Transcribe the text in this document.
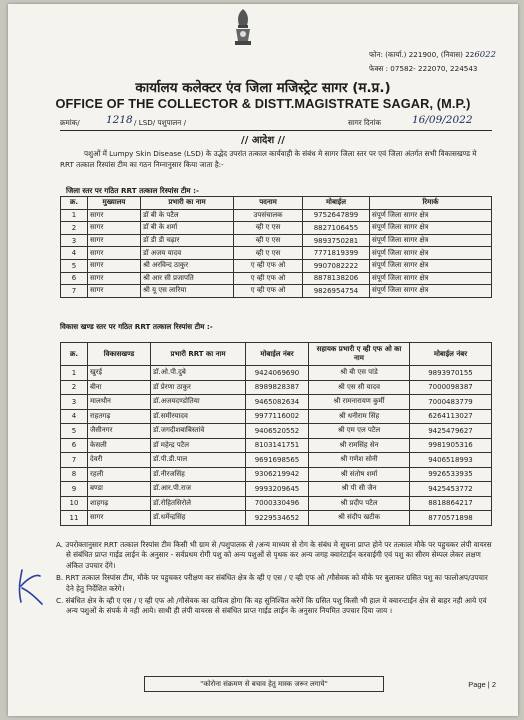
फोन: (कार्या.) 221900, (निवास) 226022
फेक्स : 07582- 222070, 224543
कार्यालय कलेक्टर एंव जिला मजिस्ट्रेट सागर (म.प्र.)
OFFICE OF THE COLLECTOR & DISTT.MAGISTRATE SAGAR, (M.P.)
क्रमांक/	1218 / LSD/ पशुपालन /	सागर दिनांक	16/09/2022
// आदेश //
पशुओं में Lumpy Skin Disease (LSD) के उद्भेद उपरांत तत्काल कार्यवाही के संबंध मे सागर जिला स्तर पर एवं जिला अंतर्गत सभी विकासखण्ड मे RRT तत्काल रिस्पांस टीम का गठन निम्नानुसार किया जाता है:-
जिला स्तर पर गठित RRT तत्काल रिस्पांस टीम :-
क्र.	मुख्यालय	प्रभारी का नाम	पदनाम	मोबाईल	रिमार्क
1	सागर	डॉ बी के पटैल	उपसंचालक	9752647899	संपूर्ण जिला सागर क्षेत्र
2	सागर	डॉ बी के शर्मा	व्ही ए एस	8827106455	संपूर्ण जिला सागर क्षेत्र
3	सागर	डॉ डी डी चढ़ार	व्ही ए एस	9893750281	संपूर्ण जिला सागर क्षेत्र
4	सागर	डॉ अजय यादव	व्ही ए एस	7771819399	संपूर्ण जिला सागर क्षेत्र
5	सागर	श्री अरविन्द ठाकुर	ए व्ही एफ ओ	9907082222	संपूर्ण जिला सागर क्षेत्र
6	सागर	श्री आर सी प्रजापति	ए व्ही एफ ओ	8878138206	संपूर्ण जिला सागर क्षेत्र
7	सागर	श्री यू एस लारिया	ए व्ही एफ ओ	9826954754	संपूर्ण जिला सागर क्षेत्र
विकास खण्ड स्तर पर गठित RRT तत्काल रिस्पांस टीम :-
क्र.	विकासखण्ड	प्रभारी RRT का नाम	मोबाईल नंबर	सहायक प्रभारी ए व्ही एफ ओ का नाम	मोबाईल नंबर
1	खुरई	डॉ.ओ.पी.दुबे	9424069690	श्री बी एस पांडे	9893970155
2	बीना	डॉ प्रेरणा ठाकुर	8989828387	श्री एस सी यादव	7000098387
3	मालथौन	डॉ.अजयदण्डोतिया	9465082634	श्री रामनारायण कुर्मी	7000483779
4	राहतगढ़	डॉ.समीरयादव	9977116002	श्री धनीराम सिंह	6264113027
5	जैसीनगर	डॉ.जगदीशबाबिस्तांवे	9406520552	श्री एम एल पटैल	9425479627
6	केसली	डॉ महेन्द्र पटैल	8103141751	श्री रामसिंह सेन	9981905316
7	देवरी	डॉ.पी.डी.पाल	9691698565	श्री गणेश सोनी	9406518993
8	रहली	डॉ.नीरजसिंह	9306219942	श्री संतोष शर्मा	9926533935
9	बण्डा	डॉ.आर.पी.राज	9993209645	श्री पी सी जैन	9425453772
10	शाहगढ़	डॉ.रोहितसिरोले	7000330496	श्री प्रदीप पटैल	8818864217
11	सागर	डॉ.धर्मेन्द्रसिंह	9229534652	श्री संदीप खटीक	8770571898

A. उपरोक्तानुसार RRT तत्काल रिस्पांस टीम किसी भी ग्राम से /पशुपालक से /अन्य माध्यम से रोग के संबंध मे सूचना प्राप्त होने पर तत्काल मौके पर पहुचकर लंपी वायरस से संबंधित प्राप्त गाईड लाईन के अनुसार - सर्वप्रथम रोगी पशु को अन्य पशुओं से पृथक कर अन्य जगह क्वारंटाईन करवाईगी एवं पशु का सीरम सेम्पल लेकर लक्षण अंकित उपचार देंगे।

B. RRT तत्काल रिस्पांस टीम, मौके पर पहुचकर परीक्षण कर संबंधित क्षेत्र के व्ही ए एस / ए व्ही एफ ओ /गौसेवक को मौके पर बुलाकर ग्रसित पशु का फालोअप/उपचार देने हेतु निर्देशित करेगे।

C. संबंधित क्षेत्र के व्ही ए एस / ए व्ही एफ ओ /गौसेवक का दायित्व होगा कि वह सुनिश्चित करेगें कि ग्रसित पशु किसी भी हाल मे क्वारन्टाईन क्षेत्र से बाहर नही आये एवं अन्य पशुओं के संपर्क मे नही आये। साथी ही लंपी वायरस से संबंधित प्राप्त गाईड लाईन के अनुसार नियमित उपचार दिया जाय ।

"कोरोना संक्रमण से बचाव हेतु मास्क जरूर लगाये"	Page | 2
